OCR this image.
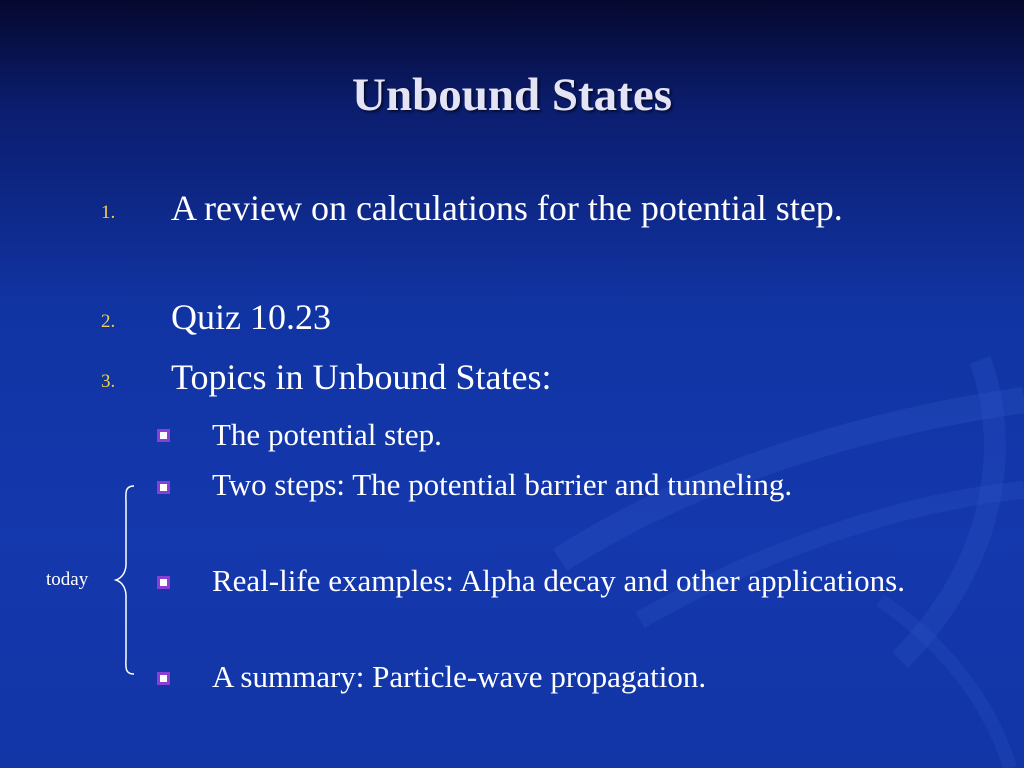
Unbound States
1. A review on calculations for the potential step.
2. Quiz 10.23
3. Topics in Unbound States:
The potential step.
Two steps: The potential barrier and tunneling.
Real-life examples: Alpha decay and other applications.
A summary: Particle-wave propagation.
today
